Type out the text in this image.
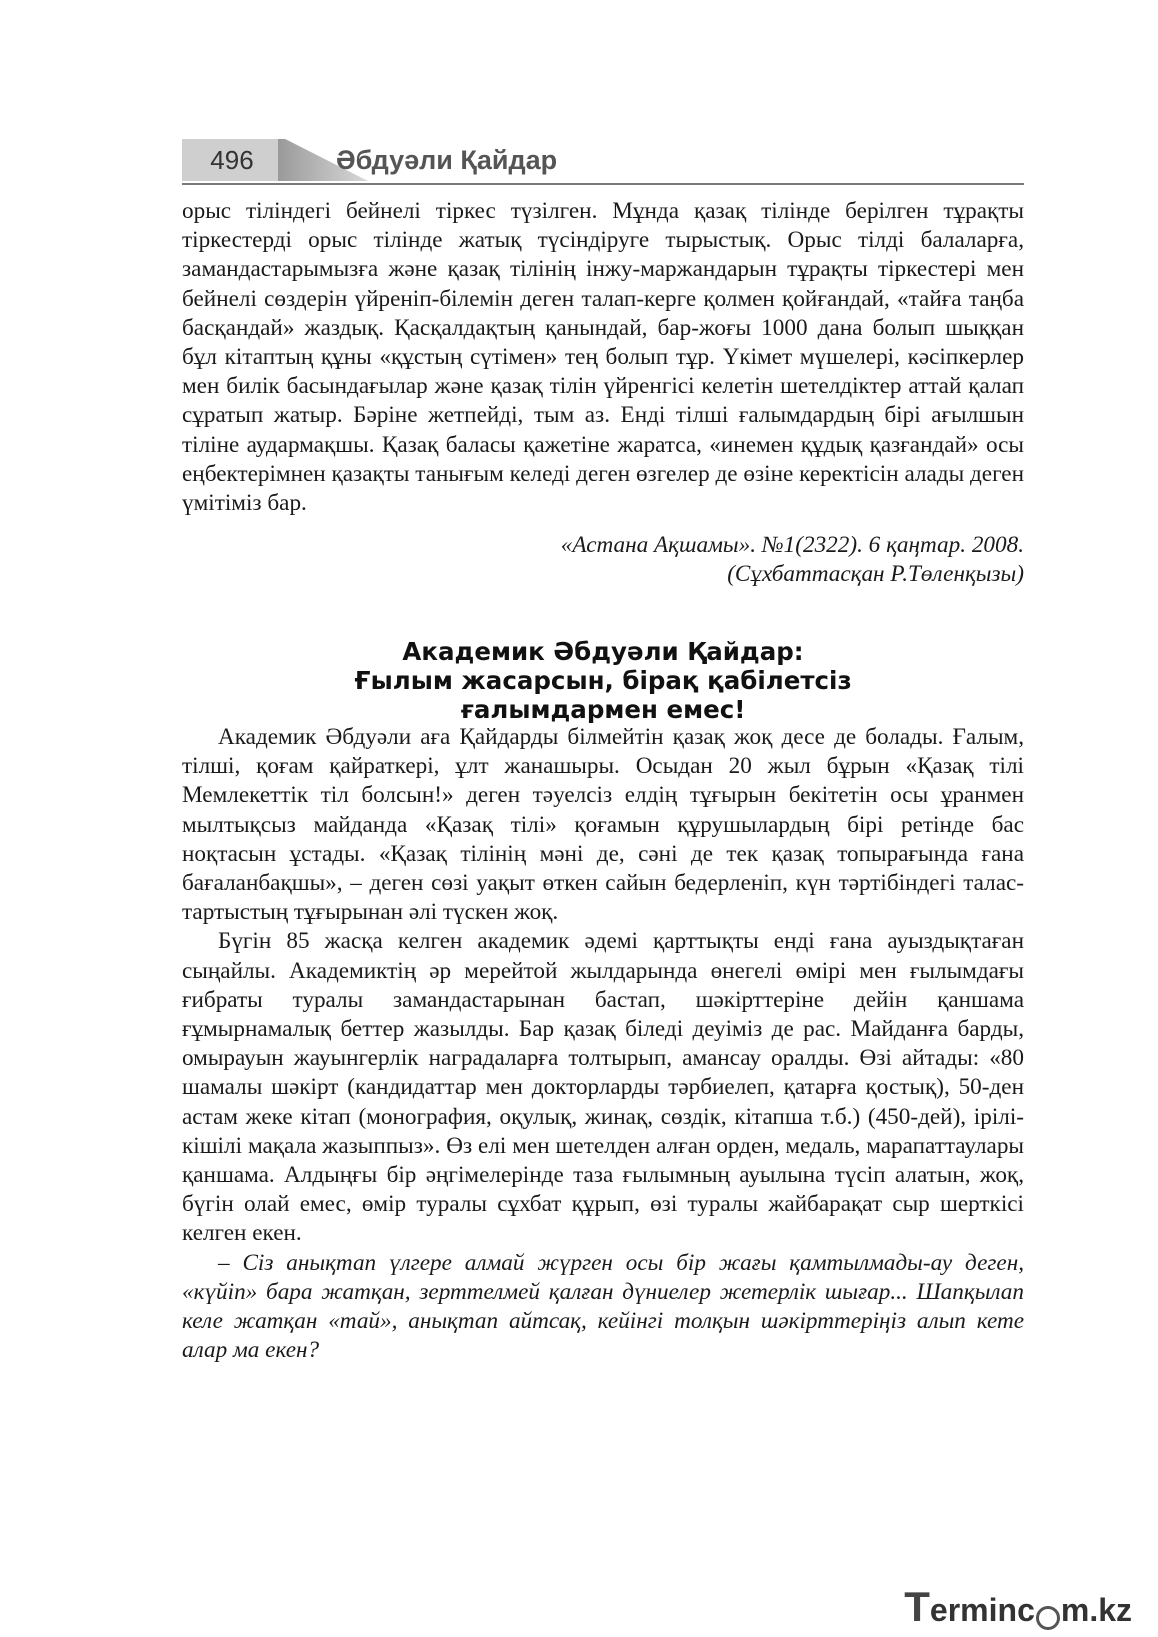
496	Әбдуәли Қайдар

орыс тіліндегі бейнелі тіркес түзілген. Мұнда қазақ тілінде берілген тұрақты тіркестерді орыс тілінде жатық түсіндіруге тырыстық. Орыс тілді балаларға, замандастарымызға және қазақ тілінің інжу-маржандарын тұрақты тіркестері мен бейнелі сөздерін үйреніп-білемін деген талап-керге қолмен қойғандай, «тайға таңба басқандай» жаздық. Қасқалдақтың қанындай, бар-жоғы 1000 дана болып шыққан бұл кітаптың құны «құстың сүтімен» тең болып тұр. Үкімет мүшелері, кәсіпкерлер мен билік басындағылар және қазақ тілін үйренгісі келетін шетелдіктер аттай қалап сұратып жатыр. Бәріне жетпейді, тым аз. Енді тілші ғалымдардың бірі ағылшын тіліне аудармақшы. Қазақ баласы қажетіне жаратса, «инемен құдық қазғандай» осы еңбектерімнен қазақты танығым келеді деген өзгелер де өзіне керектісін алады деген үмітіміз бар.

«Астана Ақшамы». №1(2322). 6 қаңтар. 2008.
(Сұхбаттасқан Р.Төленқызы)
Академик Әбдуәли Қайдар:
Ғылым жасарсын, бірақ қабілетсіз
ғалымдармен емес!

Академик Әбдуәли аға Қайдарды білмейтін қазақ жоқ десе де болады. Ғалым, тілші, қоғам қайраткері, ұлт жанашыры. Осыдан 20 жыл бұрын «Қазақ тілі Мемлекеттік тіл болсын!» деген тәуелсіз елдің тұғырын бекітетін осы ұранмен мылтықсыз майданда «Қазақ тілі» қоғамын құрушылардың бірі ретінде бас ноқтасын ұстады. «Қазақ тілінің мәні де, сәні де тек қазақ топырағында ғана бағаланбақшы», – деген сөзі уақыт өткен сайын бедерленіп, күн тәртібіндегі талас-тартыстың тұғырынан әлі түскен жоқ.

Бүгін 85 жасқа келген академик әдемі қарттықты енді ғана ауыздықтаған сыңайлы. Академиктің әр мерейтой жылдарында өнегелі өмірі мен ғылымдағы ғибраты туралы замандастарынан бастап, шәкірттеріне дейін қаншама ғұмырнамалық беттер жазылды. Бар қазақ біледі деуіміз де рас. Майданға барды, омырауын жауынгерлік наградаларға толтырып, амансау оралды. Өзі айтады: «80 шамалы шәкірт (кандидаттар мен докторларды тәрбиелеп, қатарға қостық), 50-ден астам жеке кітап (монография, оқулық, жинақ, сөздік, кітапша т.б.) (450-дей), ірілі-кішілі мақала жазыппыз». Өз елі мен шетелден алған орден, медаль, марапаттаулары қаншама. Алдыңғы бір әңгімелерінде таза ғылымның ауылына түсіп алатын, жоқ, бүгін олай емес, өмір туралы сұхбат құрып, өзі туралы жайбарақат сыр шерткісі келген екен.

– Сіз анықтап үлгере алмай жүрген осы бір жағы қамтылмады-ау деген, «күйіп» бара жатқан, зерттелмей қалған дүниелер жетерлік шығар... Шапқылап келе жатқан «тай», анықтап айтсақ, кейінгі толқын шәкірттеріңіз алып кете алар ма екен?

T erminc m.kz
